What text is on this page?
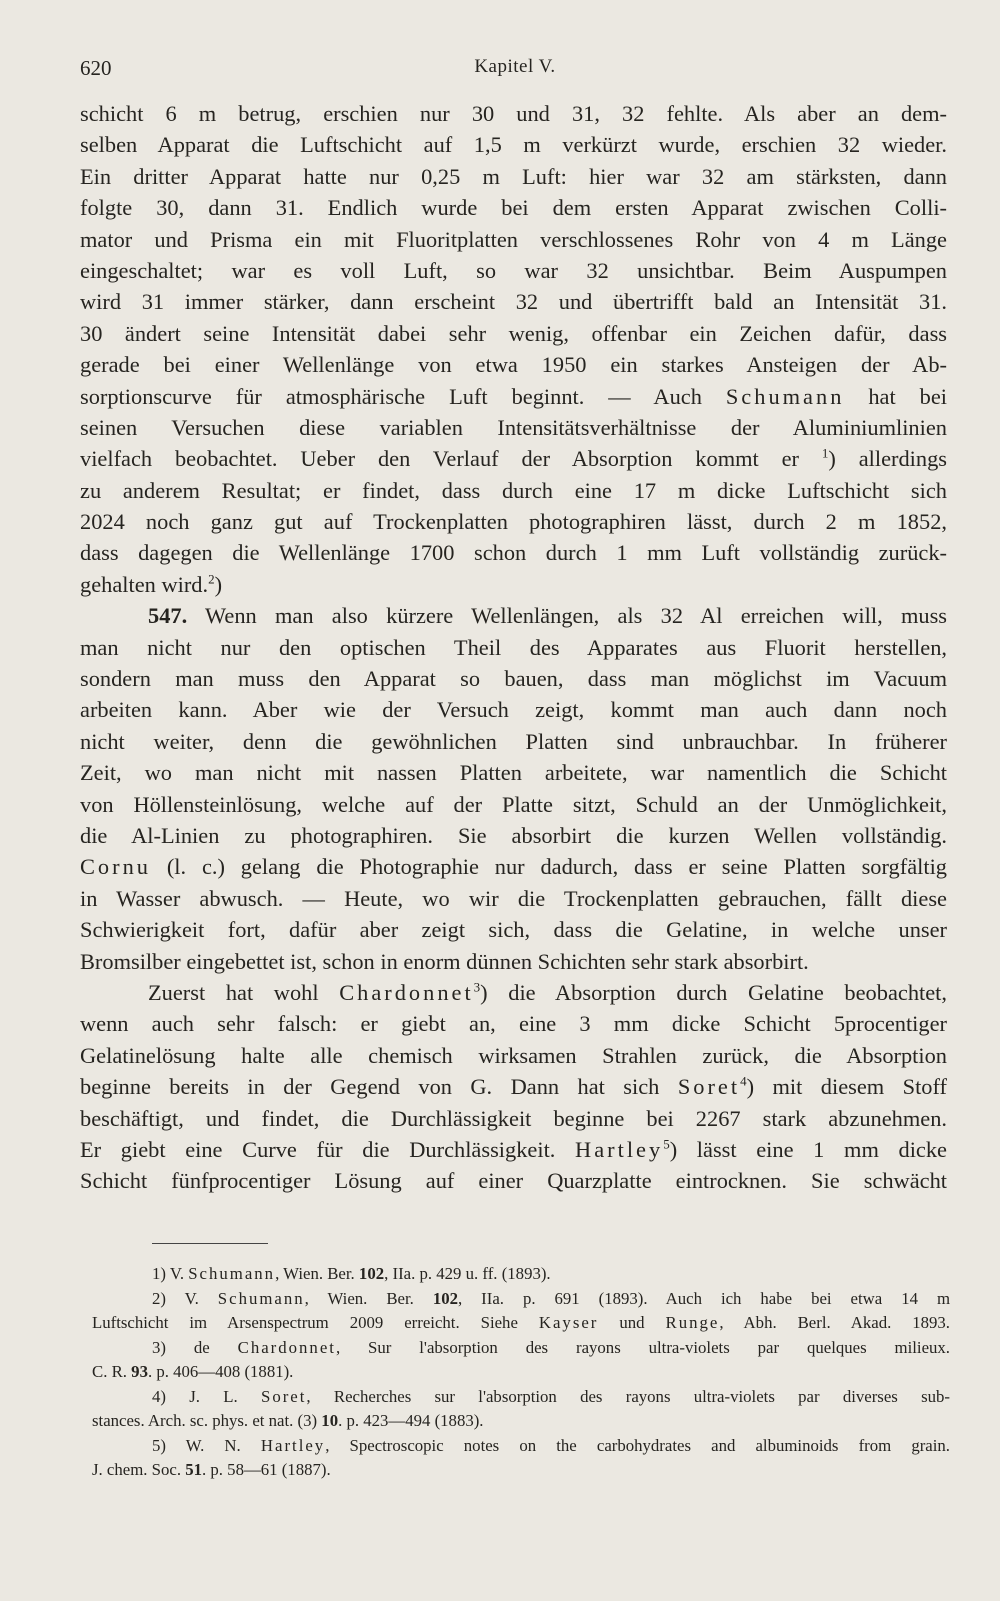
620	Kapitel V.
schicht 6 m betrug, erschien nur 30 und 31, 32 fehlte. Als aber an dem-
selben Apparat die Luftschicht auf 1,5 m verkürzt wurde, erschien 32 wieder.
Ein dritter Apparat hatte nur 0,25 m Luft: hier war 32 am stärksten, dann
folgte 30, dann 31. Endlich wurde bei dem ersten Apparat zwischen Colli-
mator und Prisma ein mit Fluoritplatten verschlossenes Rohr von 4 m Länge
eingeschaltet; war es voll Luft, so war 32 unsichtbar. Beim Auspumpen
wird 31 immer stärker, dann erscheint 32 und übertrifft bald an Intensität 31.
30 ändert seine Intensität dabei sehr wenig, offenbar ein Zeichen dafür, dass
gerade bei einer Wellenlänge von etwa 1950 ein starkes Ansteigen der Ab-
sorptionscurve für atmosphärische Luft beginnt. — Auch Schumann hat bei
seinen Versuchen diese variablen Intensitätsverhältnisse der Aluminiumlinien
vielfach beobachtet. Ueber den Verlauf der Absorption kommt er $^1$) allerdings
zu anderem Resultat; er findet, dass durch eine 17 m dicke Luftschicht sich
2024 noch ganz gut auf Trockenplatten photographiren lässt, durch 2 m 1852,
dass dagegen die Wellenlänge 1700 schon durch 1 mm Luft vollständig zurück-
gehalten wird.$^2$)
547. Wenn man also kürzere Wellenlängen, als 32 Al erreichen will, muss
man nicht nur den optischen Theil des Apparates aus Fluorit herstellen,
sondern man muss den Apparat so bauen, dass man möglichst im Vacuum
arbeiten kann. Aber wie der Versuch zeigt, kommt man auch dann noch
nicht weiter, denn die gewöhnlichen Platten sind unbrauchbar. In früherer
Zeit, wo man nicht mit nassen Platten arbeitete, war namentlich die Schicht
von Höllensteinlösung, welche auf der Platte sitzt, Schuld an der Unmöglichkeit,
die Al-Linien zu photographiren. Sie absorbirt die kurzen Wellen vollständig.
Cornu (l. c.) gelang die Photographie nur dadurch, dass er seine Platten sorgfältig
in Wasser abwusch. — Heute, wo wir die Trockenplatten gebrauchen, fällt diese
Schwierigkeit fort, dafür aber zeigt sich, dass die Gelatine, in welche unser
Bromsilber eingebettet ist, schon in enorm dünnen Schichten sehr stark absorbirt.
Zuerst hat wohl Chardonnet$^3$) die Absorption durch Gelatine beobachtet,
wenn auch sehr falsch: er giebt an, eine 3 mm dicke Schicht 5procentiger
Gelatinelösung halte alle chemisch wirksamen Strahlen zurück, die Absorption
beginne bereits in der Gegend von G. Dann hat sich Soret$^4$) mit diesem Stoff
beschäftigt, und findet, die Durchlässigkeit beginne bei 2267 stark abzunehmen.
Er giebt eine Curve für die Durchlässigkeit. Hartley$^5$) lässt eine 1 mm dicke
Schicht fünfprocentiger Lösung auf einer Quarzplatte eintrocknen. Sie schwächt
1) V. Schumann, Wien. Ber. 102, IIa. p. 429 u. ff. (1893).
2) V. Schumann, Wien. Ber. 102, IIa. p. 691 (1893). Auch ich habe bei etwa 14 m
Luftschicht im Arsenspectrum 2009 erreicht. Siehe Kayser und Runge, Abh. Berl. Akad. 1893.
3) de Chardonnet, Sur l'absorption des rayons ultra-violets par quelques milieux.
C. R. 93. p. 406—408 (1881).
4) J. L. Soret, Recherches sur l'absorption des rayons ultra-violets par diverses sub-
stances. Arch. sc. phys. et nat. (3) 10. p. 423—494 (1883).
5) W. N. Hartley, Spectroscopic notes on the carbohydrates and albuminoids from grain.
J. chem. Soc. 51. p. 58—61 (1887).
